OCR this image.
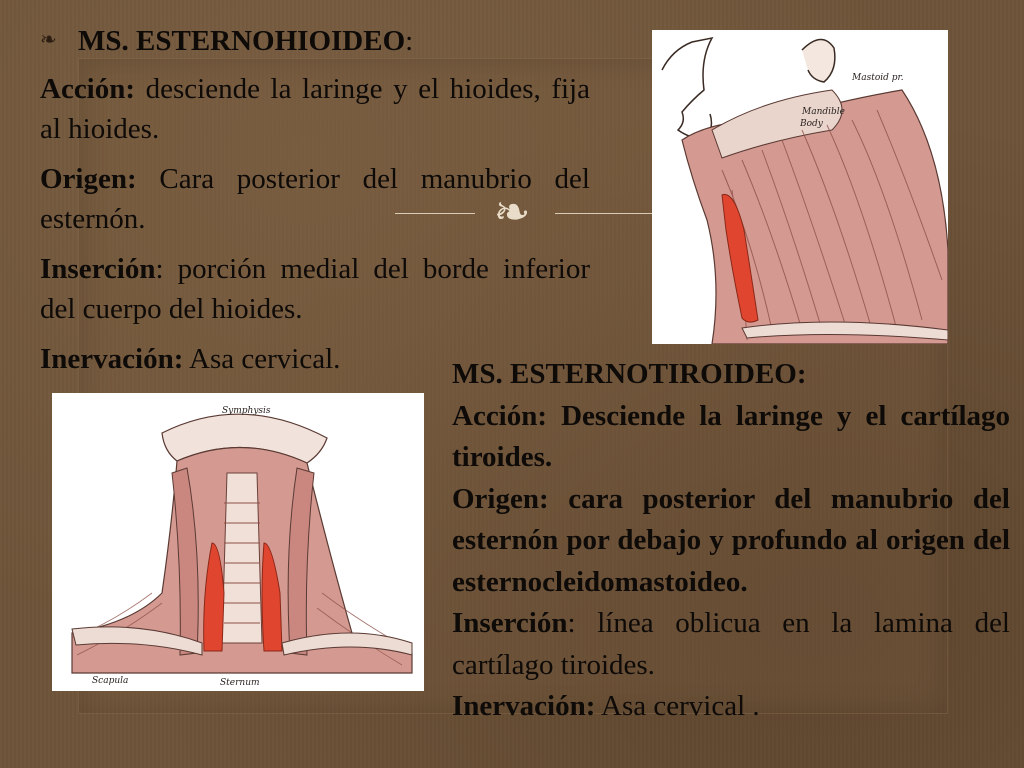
❧ MS. ESTERNOHIOIDEO:

Acción: desciende la laringe y el hioides, fija al hioides.

Origen: Cara posterior del manubrio del esternón.

Inserción: porción medial del borde inferior del cuerpo del hioides.

Inervación: Asa cervical.

❧
Mandible
Body
Mastoid pr.
Symphysis
Scapula	Sternum

MS. ESTERNOTIROIDEO:

Acción: Desciende la laringe y el cartílago tiroides.

Origen: cara posterior del manubrio del esternón por debajo y profundo al origen del

esternocleidomastoideo.

Inserción: línea oblicua en la lamina del cartílago tiroides.

Inervación: Asa cervical .
